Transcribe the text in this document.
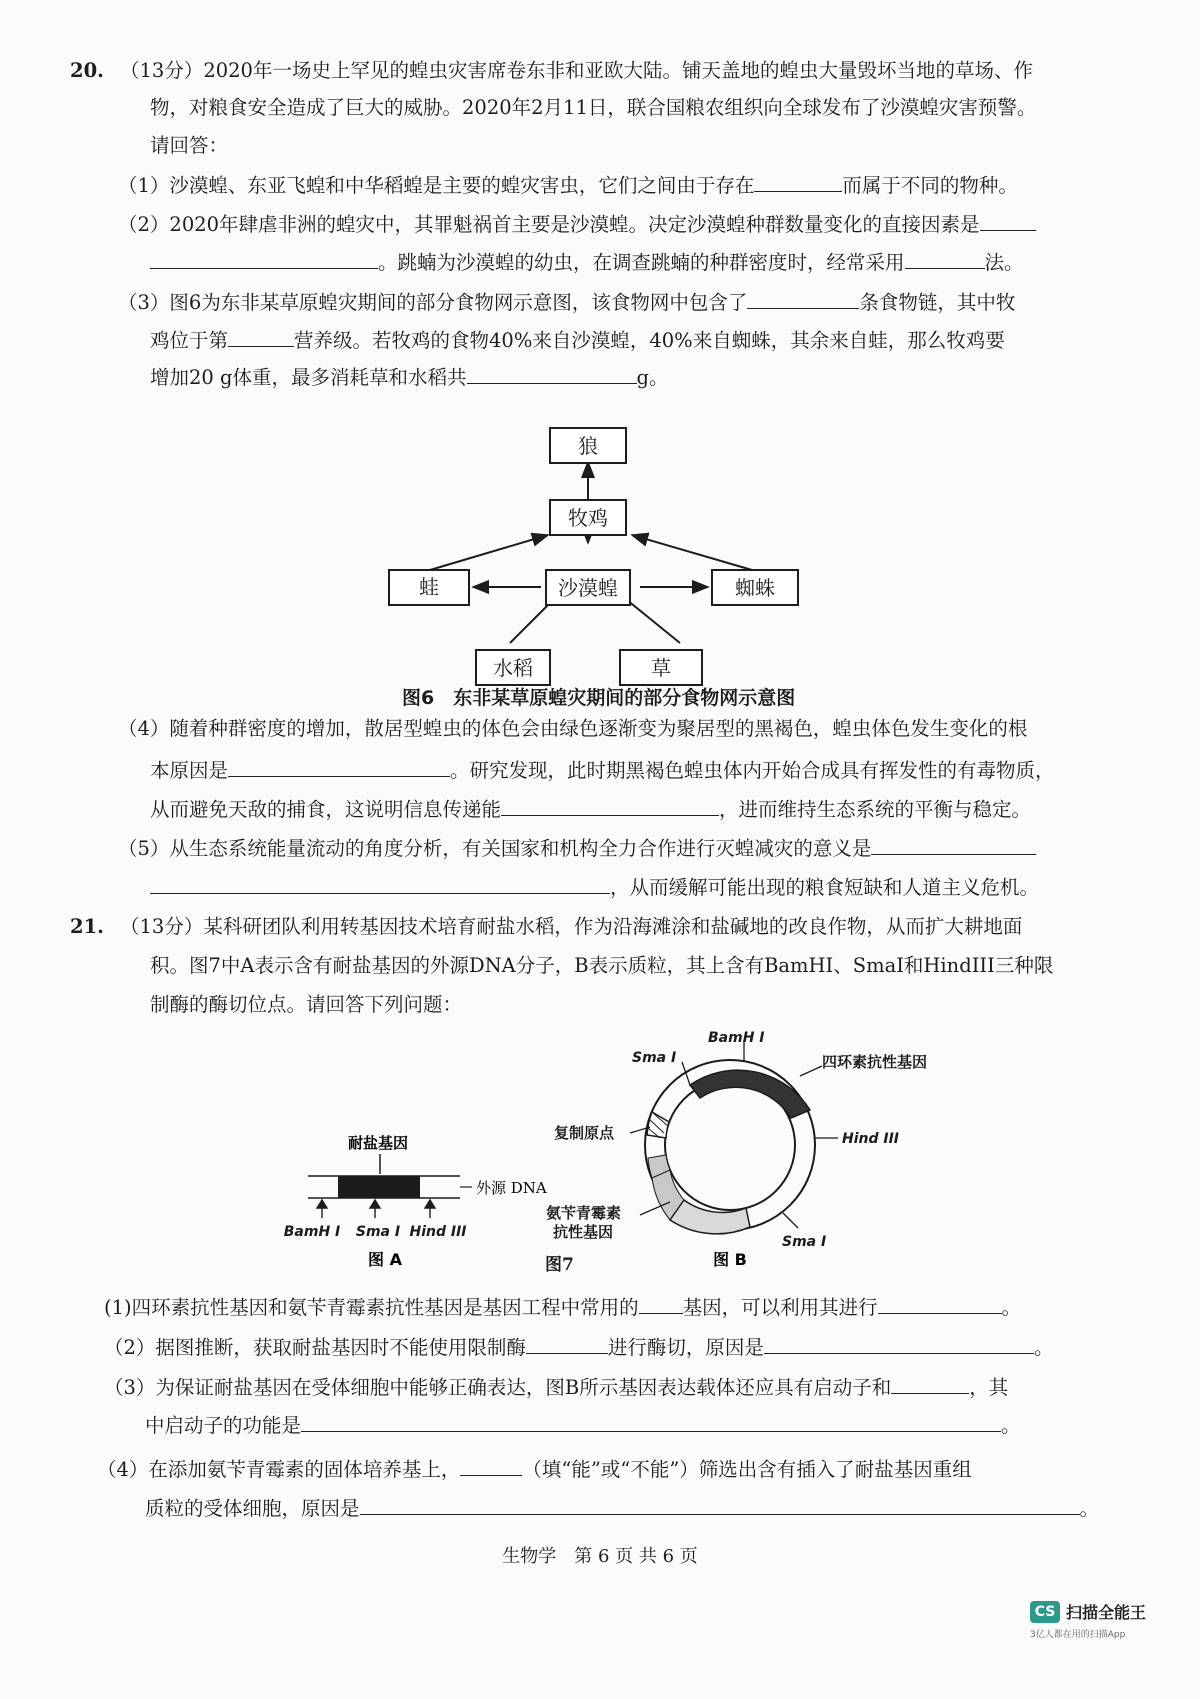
20. （13分）2020年一场史上罕见的蝗虫灾害席卷东非和亚欧大陆。铺天盖地的蝗虫大量毁坏当地的草场、作
物，对粮食安全造成了巨大的威胁。2020年2月11日，联合国粮农组织向全球发布了沙漠蝗灾害预警。
请回答：
（1）沙漠蝗、东亚飞蝗和中华稻蝗是主要的蝗灾害虫，它们之间由于存在	而属于不同的物种。
（2）2020年肆虐非洲的蝗灾中，其罪魁祸首主要是沙漠蝗。决定沙漠蝗种群数量变化的直接因素是
。跳蝻为沙漠蝗的幼虫，在调查跳蝻的种群密度时，经常采用	法。
（3）图6为东非某草原蝗灾期间的部分食物网示意图，该食物网中包含了	条食物链，其中牧
鸡位于第	营养级。若牧鸡的食物40%来自沙漠蝗，40%来自蜘蛛，其余来自蛙，那么牧鸡要
增加20 g体重，最多消耗草和水稻共	g。
狼
牧鸡
蛙	沙漠蝗	蜘蛛
水稻	草
图6　东非某草原蝗灾期间的部分食物网示意图
（4）随着种群密度的增加，散居型蝗虫的体色会由绿色逐渐变为聚居型的黑褐色，蝗虫体色发生变化的根
本原因是	。研究发现，此时期黑褐色蝗虫体内开始合成具有挥发性的有毒物质，
从而避免天敌的捕食，这说明信息传递能	，进而维持生态系统的平衡与稳定。
（5）从生态系统能量流动的角度分析，有关国家和机构全力合作进行灭蝗减灾的意义是
，从而缓解可能出现的粮食短缺和人道主义危机。
21. （13分）某科研团队利用转基因技术培育耐盐水稻，作为沿海滩涂和盐碱地的改良作物，从而扩大耕地面
积。图7中A表示含有耐盐基因的外源DNA分子，B表示质粒，其上含有BamHI、SmaI和HindIII三种限
制酶的酶切位点。请回答下列问题：
耐盐基因
外源 DNA
BamH I Sma I Hind III
图 A
BamH I
Sma I
Hind III
Sma I
四环素抗性基因
复制原点
氨苄青霉素
抗性基因
图 B
图7
(1)四环素抗性基因和氨苄青霉素抗性基因是基因工程中常用的 基因，可以利用其进行	。
（2）据图推断，获取耐盐基因时不能使用限制酶	进行酶切，原因是	。
（3）为保证耐盐基因在受体细胞中能够正确表达，图B所示基因表达载体还应具有启动子和	，其
中启动子的功能是	。
（4）在添加氨苄青霉素的固体培养基上，	（填“能”或“不能”）筛选出含有插入了耐盐基因重组
质粒的受体细胞，原因是	。
生物学　第 6 页 共 6 页
CS 扫描全能王
3亿人都在用的扫描App
